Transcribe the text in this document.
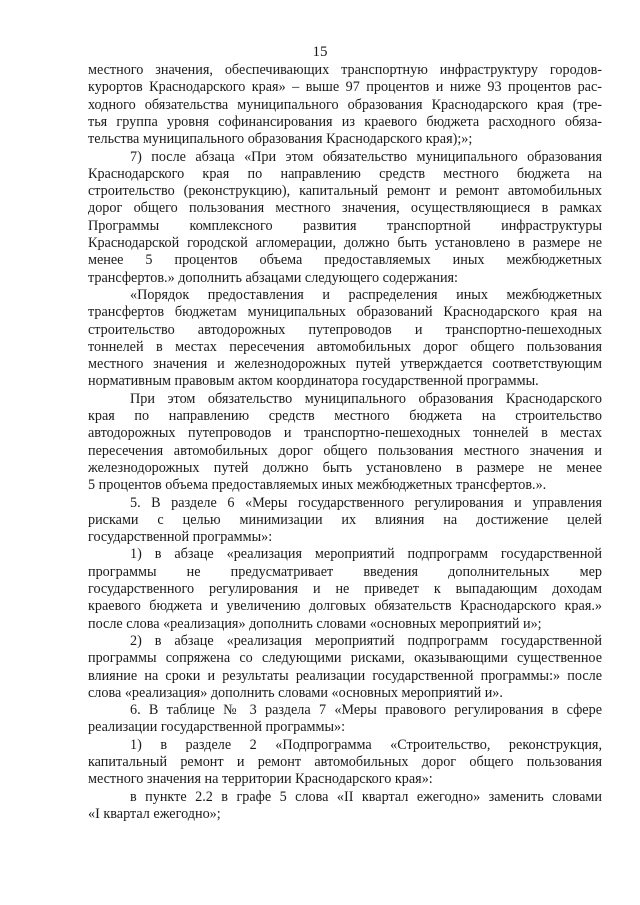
15
местного значения, обеспечивающих транспортную инфраструктуру городов-
курортов Краснодарского края» – выше 97 процентов и ниже 93 процентов рас-
ходного обязательства муниципального образования Краснодарского края (тре-
тья группа уровня софинансирования из краевого бюджета расходного обяза-
тельства муниципального образования Краснодарского края);»;
7) после абзаца «При этом обязательство муниципального образования
Краснодарского края по направлению средств местного бюджета на
строительство (реконструкцию), капитальный ремонт и ремонт автомобильных
дорог общего пользования местного значения, осуществляющиеся в рамках
Программы комплексного развития транспортной инфраструктуры
Краснодарской городской агломерации, должно быть установлено в размере не
менее 5 процентов объема предоставляемых иных межбюджетных
трансфертов.» дополнить абзацами следующего содержания:
«Порядок предоставления и распределения иных межбюджетных
трансфертов бюджетам муниципальных образований Краснодарского края на
строительство автодорожных путепроводов и транспортно-пешеходных
тоннелей в местах пересечения автомобильных дорог общего пользования
местного значения и железнодорожных путей утверждается соответствующим
нормативным правовым актом координатора государственной программы.
При этом обязательство муниципального образования Краснодарского
края по направлению средств местного бюджета на строительство
автодорожных путепроводов и транспортно-пешеходных тоннелей в местах
пересечения автомобильных дорог общего пользования местного значения и
железнодорожных путей должно быть установлено в размере не менее
5 процентов объема предоставляемых иных межбюджетных трансфертов.».
5. В разделе 6 «Меры государственного регулирования и управления
рисками с целью минимизации их влияния на достижение целей
государственной программы»:
1) в абзаце «реализация мероприятий подпрограмм государственной
программы не предусматривает введения дополнительных мер
государственного регулирования и не приведет к выпадающим доходам
краевого бюджета и увеличению долговых обязательств Краснодарского края.»
после слова «реализация» дополнить словами «основных мероприятий и»;
2) в абзаце «реализация мероприятий подпрограмм государственной
программы сопряжена со следующими рисками, оказывающими существенное
влияние на сроки и результаты реализации государственной программы:» после
слова «реализация» дополнить словами «основных мероприятий и».
6. В таблице № 3 раздела 7 «Меры правового регулирования в сфере
реализации государственной программы»:
1) в разделе 2 «Подпрограмма «Строительство, реконструкция,
капитальный ремонт и ремонт автомобильных дорог общего пользования
местного значения на территории Краснодарского края»:
в пункте 2.2 в графе 5 слова «II квартал ежегодно» заменить словами
«I квартал ежегодно»;
